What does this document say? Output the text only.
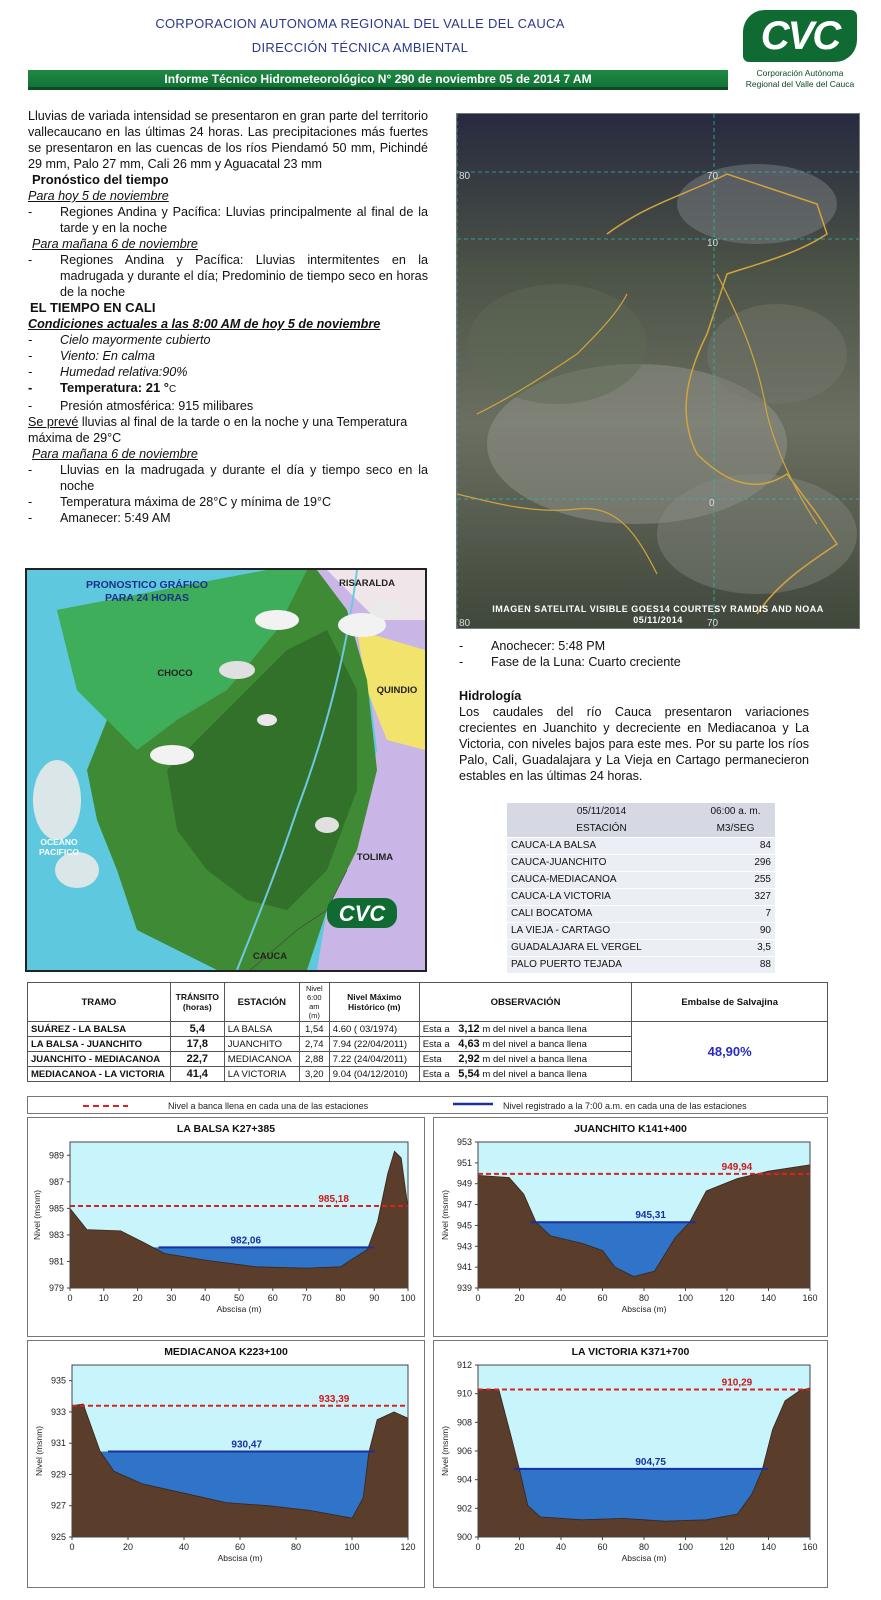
CORPORACION AUTONOMA REGIONAL DEL VALLE DEL CAUCA
DIRECCIÓN TÉCNICA AMBIENTAL
Informe Técnico Hidrometeorológico N° 290 de noviembre 05 de 2014 7 AM
CVC
Corporación Autónoma
Regional del Valle del Cauca

Lluvias de variada intensidad se presentaron en gran parte del territorio vallecaucano en las últimas 24 horas. Las precipitaciones más fuertes se presentaron en las cuencas de los ríos Piendamó 50 mm, Pichindé 29 mm, Palo 27 mm, Cali 26 mm y Aguacatal 23 mm

Pronóstico del tiempo
Para hoy 5 de noviembre
- Regiones Andina y Pacífica: Lluvias principalmente al final de la tarde y en la noche
Para mañana 6 de noviembre
- Regiones Andina y Pacífica: Lluvias intermitentes en la madrugada y durante el día; Predominio de tiempo seco en horas de la noche
EL TIEMPO EN CALI
Condiciones actuales a las 8:00 AM de hoy 5 de noviembre
- Cielo mayormente cubierto
- Viento: En calma
- Humedad relativa:90%
- Temperatura: 21 °C
- Presión atmosférica: 915 milibares
Se prevé lluvias al final de la tarde o en la noche y una Temperatura máxima de 29°C
Para mañana 6 de noviembre
- Lluvias en la madrugada y durante el día y tiempo seco en la noche
- Temperatura máxima de 28°C y mínima de 19°C
- Amanecer: 5:49 AM
80	70
10
0
80	70
IMAGEN SATELITAL VISIBLE GOES14 COURTESY RAMDIS AND NOAA
05/11/2014
- Anochecer: 5:48 PM
- Fase de la Luna: Cuarto creciente
Hidrología

Los caudales del río Cauca presentaron variaciones crecientes en Juanchito y decreciente en Mediacanoa y La Victoria, con niveles bajos para este mes. Por su parte los ríos Palo, Cali, Guadalajara y La Vieja en Cartago permanecieron estables en las últimas 24 horas.

PRONOSTICO GRÁFICO
PARA 24 HORAS
RISARALDA
CHOCO
QUINDIO
OCEANO
PACIFICO	TOLIMA
CAUCA
CVC
05/11/2014	06:00 a. m.
ESTACIÓN	M3/SEG
CAUCA-LA BALSA	84
CAUCA-JUANCHITO	296
CAUCA-MEDIACANOA	255
CAUCA-LA VICTORIA	327
CALI BOCATOMA	7
LA VIEJA - CARTAGO	90
GUADALAJARA EL VERGEL	3,5
PALO PUERTO TEJADA	88
TRAMO	TRÁNSITO (horas)	ESTACIÓN	Nivel 6:00 am (m)	Nivel Máximo Histórico (m)	OBSERVACIÓN	Embalse de Salvajina
SUÁREZ - LA BALSA	5,4	LA BALSA	1,54	4.60 ( 03/1974)	Esta a 3,12 m del nivel a banca llena	48,90%
LA BALSA - JUANCHITO	17,8	JUANCHITO	2,74	7.94 (22/04/2011)	Esta a 4,63 m del nivel a banca llena	
JUANCHITO - MEDIACANOA	22,7	MEDIACANOA	2,88	7.22 (24/04/2011)	Esta 2,92 m del nivel a banca llena	
MEDIACANOA - LA VICTORIA	41,4	LA VICTORIA	3,20	9.04 (04/12/2010)	Esta a 5,54 m del nivel a banca llena	
Nivel a banca llena en cada una de las estaciones	Nivel registrado a la 7:00 a.m. en cada una de las estaciones
LA BALSA K27+385
985,18
982,06
0	10	20	30	40	50	60	70	80	90 100
979
981
983
985
987
989
Abscisa (m)
Nivel (msnm)
JUANCHITO K141+400
949,94
945,31
0	20	40	60	80	100	120	140	160
939
941
943
945
947
949
951
953
Abscisa (m)
Nivel (msnm)
MEDIACANOA K223+100
933,39
930,47
0	20	40	60	80	100	120
925
927
929
931
933
935
Abscisa (m)
Nivel (msnm)
LA VICTORIA K371+700
910,29
904,75
0	20	40	60	80	100	120	140	160
900
902
904
906
908
910
912
Abscisa (m)
Nivel (msnm)
